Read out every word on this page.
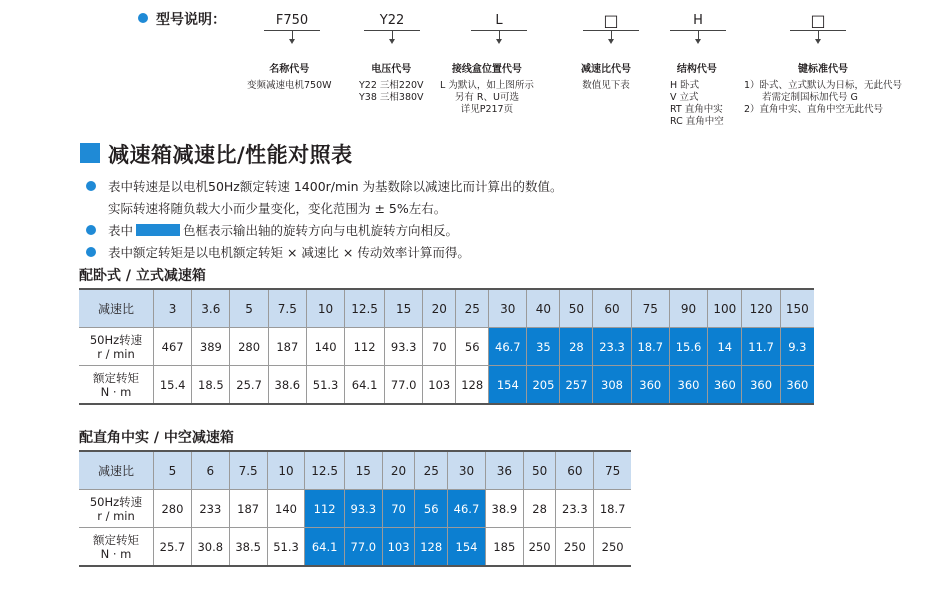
型号说明：	F750	Y22	L	□	H	□
名称代号
变频减速电机750W
电压代号
Y22 三相220V
Y38 三相380V
接线盒位置代号
L 为默认，如上图所示
另有 R、U可选
详见P217页
减速比代号
数值见下表
结构代号
H 卧式
V 立式
RT 直角中实
RC 直角中空
键标准代号
1）卧式、立式默认为日标，无此代号
若需定制国标加代号 G
2）直角中实、直角中空无此代号
减速箱减速比/性能对照表
表中转速是以电机50Hz额定转速 1400r/min 为基数除以减速比而计算出的数值。
实际转速将随负载大小而少量变化，变化范围为 ± 5%左右。
表中	色框表示输出轴的旋转方向与电机旋转方向相反。
表中额定转矩是以电机额定转矩 × 减速比 × 传动效率计算而得。
配卧式 / 立式减速箱
减速比	3	3.6	5	7.5	10	12.5	15	20	25	30	40	50	60	75	90	100	120	150

50Hz转速
r / min	467	389	280	187	140	112	93.3	70	56	46.7	35	28	23.3	18.7	15.6	14	11.7	9.3

额定转矩
N · m	15.4	18.5	25.7	38.6	51.3	64.1	77.0	103	128	154	205	257	308	360	360	360	360	360
配直角中实 / 中空减速箱
减速比	5	6	7.5	10	12.5	15	20	25	30	36	50	60	75

50Hz转速
r / min	280	233	187	140	112	93.3	70	56	46.7	38.9	28	23.3	18.7

额定转矩
N · m	25.7	30.8	38.5	51.3	64.1	77.0	103	128	154	185	250	250	250
